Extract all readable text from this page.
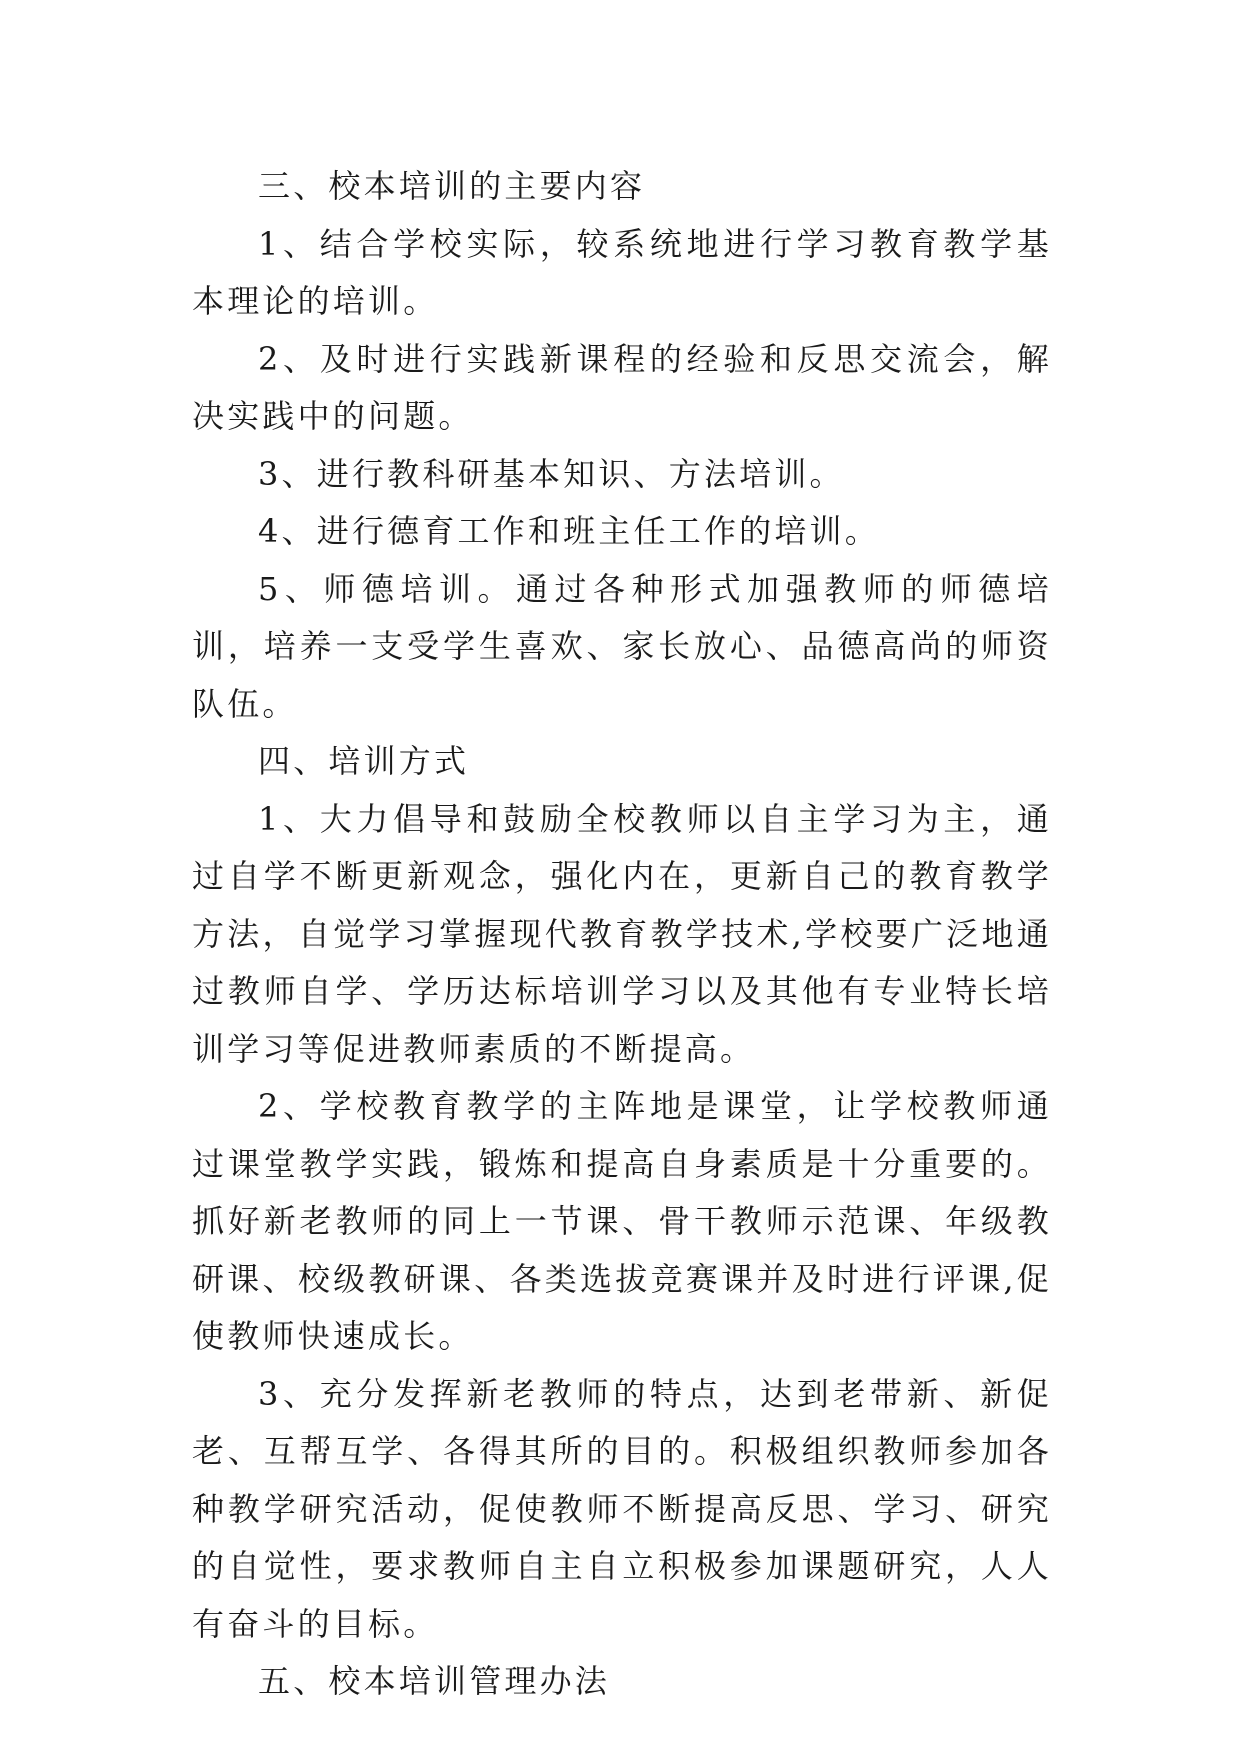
三、校本培训的主要内容

1、结合学校实际，较系统地进行学习教育教学基本理论的培训。

2、及时进行实践新课程的经验和反思交流会，解决实践中的问题。

3、进行教科研基本知识、方法培训。

4、进行德育工作和班主任工作的培训。

5、师德培训。通过各种形式加强教师的师德培训，培养一支受学生喜欢、家长放心、品德高尚的师资队伍。

四、培训方式

1、大力倡导和鼓励全校教师以自主学习为主，通过自学不断更新观念，强化内在，更新自己的教育教学方法，自觉学习掌握现代教育教学技术,学校要广泛地通过教师自学、学历达标培训学习以及其他有专业特长培训学习等促进教师素质的不断提高。

2、学校教育教学的主阵地是课堂，让学校教师通过课堂教学实践，锻炼和提高自身素质是十分重要的。抓好新老教师的同上一节课、骨干教师示范课、年级教研课、校级教研课、各类选拔竞赛课并及时进行评课,促使教师快速成长。

3、充分发挥新老教师的特点，达到老带新、新促老、互帮互学、各得其所的目的。积极组织教师参加各种教学研究活动，促使教师不断提高反思、学习、研究的自觉性，要求教师自主自立积极参加课题研究，人人有奋斗的目标。

五、校本培训管理办法
